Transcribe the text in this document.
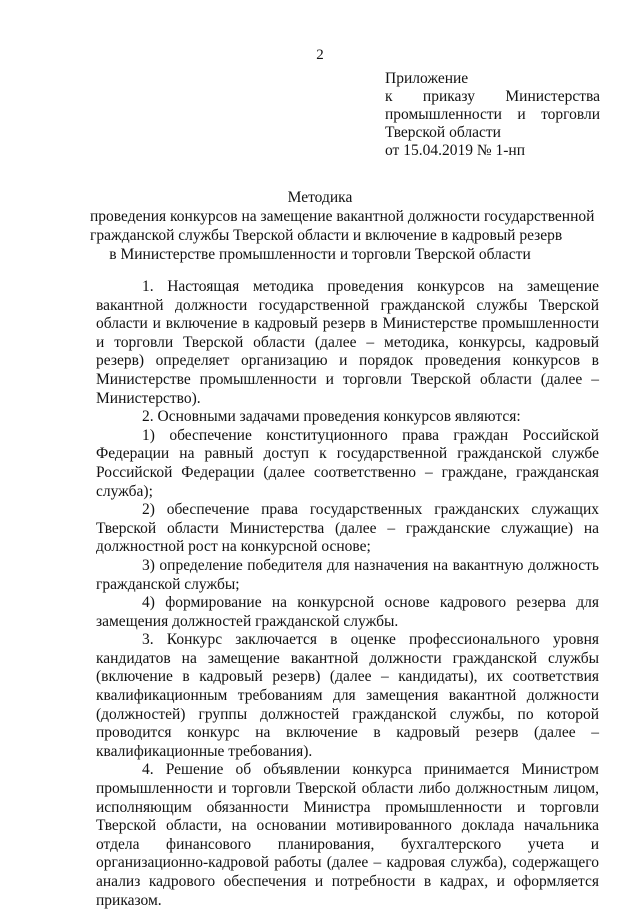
2
Приложение
к приказу Министерства
промышленности и торговли
Тверской области
от 15.04.2019 № 1-нп
Методика
проведения конкурсов на замещение вакантной должности государственной
гражданской службы Тверской области и включение в кадровый резерв
в Министерстве промышленности и торговли Тверской области

1. Настоящая методика проведения конкурсов на замещение вакантной должности государственной гражданской службы Тверской области и включение в кадровый резерв в Министерстве промышленности и торговли Тверской области (далее – методика, конкурсы, кадровый резерв) определяет организацию и порядок проведения конкурсов в Министерстве промышленности и торговли Тверской области (далее – Министерство).

2. Основными задачами проведения конкурсов являются:

1) обеспечение конституционного права граждан Российской Федерации на равный доступ к государственной гражданской службе Российской Федерации (далее соответственно – граждане, гражданская служба);

2) обеспечение права государственных гражданских служащих Тверской области Министерства (далее – гражданские служащие) на должностной рост на конкурсной основе;

3) определение победителя для назначения на вакантную должность гражданской службы;

4) формирование на конкурсной основе кадрового резерва для замещения должностей гражданской службы.

3. Конкурс заключается в оценке профессионального уровня кандидатов на замещение вакантной должности гражданской службы (включение в кадровый резерв) (далее – кандидаты), их соответствия квалификационным требованиям для замещения вакантной должности (должностей) группы должностей гражданской службы, по которой проводится конкурс на включение в кадровый резерв (далее – квалификационные требования).

4. Решение об объявлении конкурса принимается Министром промышленности и торговли Тверской области либо должностным лицом, исполняющим обязанности Министра промышленности и торговли Тверской области, на основании мотивированного доклада начальника отдела финансового планирования, бухгалтерского учета и организационно-кадровой работы (далее – кадровая служба), содержащего анализ кадрового обеспечения и потребности в кадрах, и оформляется приказом.
